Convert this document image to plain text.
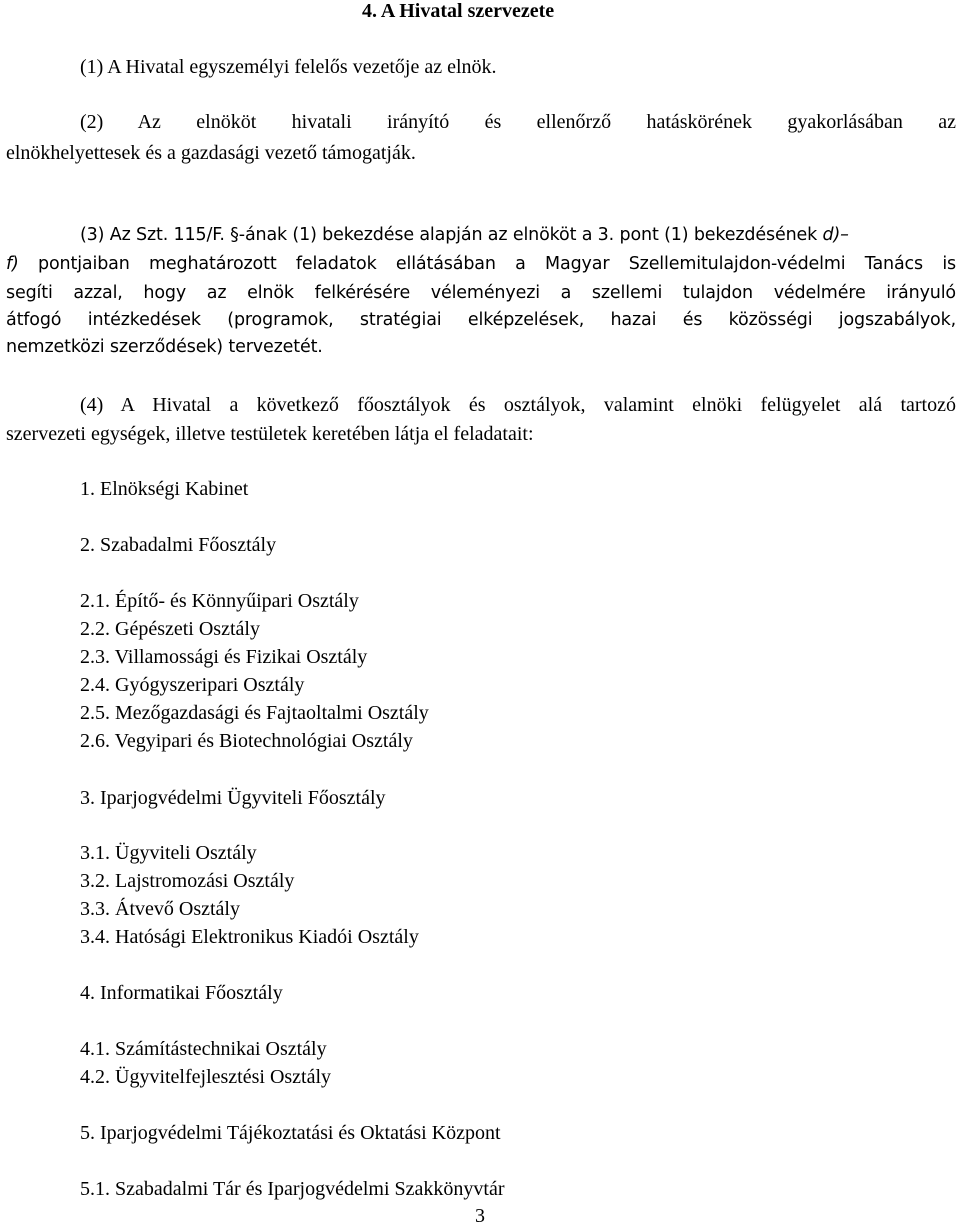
4. A Hivatal szervezete
(1) A Hivatal egyszemélyi felelős vezetője az elnök.
(2) Az elnököt hivatali irányító és ellenőrző hatáskörének gyakorlásában az
elnökhelyettesek és a gazdasági vezető támogatják.
(3) Az Szt. 115/F. §-ának (1) bekezdése alapján az elnököt a 3. pont (1) bekezdésének d)–
f) pontjaiban meghatározott feladatok ellátásában a Magyar Szellemitulajdon-védelmi Tanács is
segíti azzal, hogy az elnök felkérésére véleményezi a szellemi tulajdon védelmére irányuló
átfogó intézkedések (programok, stratégiai elképzelések, hazai és közösségi jogszabályok,
nemzetközi szerződések) tervezetét.
(4) A Hivatal a következő főosztályok és osztályok, valamint elnöki felügyelet alá tartozó
szervezeti egységek, illetve testületek keretében látja el feladatait:
1. Elnökségi Kabinet
2. Szabadalmi Főosztály
2.1. Építő- és Könnyűipari Osztály
2.2. Gépészeti Osztály
2.3. Villamossági és Fizikai Osztály
2.4. Gyógyszeripari Osztály
2.5. Mezőgazdasági és Fajtaoltalmi Osztály
2.6. Vegyipari és Biotechnológiai Osztály
3. Iparjogvédelmi Ügyviteli Főosztály
3.1. Ügyviteli Osztály
3.2. Lajstromozási Osztály
3.3. Átvevő Osztály
3.4. Hatósági Elektronikus Kiadói Osztály
4. Informatikai Főosztály
4.1. Számítástechnikai Osztály
4.2. Ügyvitelfejlesztési Osztály
5. Iparjogvédelmi Tájékoztatási és Oktatási Központ
5.1. Szabadalmi Tár és Iparjogvédelmi Szakkönyvtár
3
